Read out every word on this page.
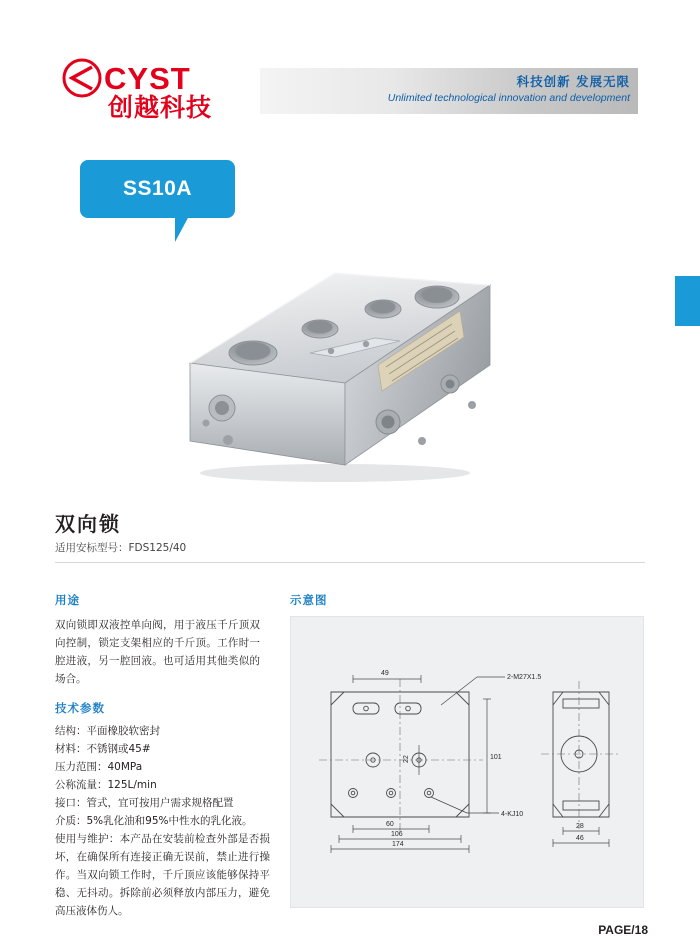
CYST
创越科技
科技创新 发展无限
Unlimited technological innovation and development
SS10A
双向锁
适用安标型号：FDS125/40
用途
双向锁即双液控单向阀，用于液压千斤顶双向控制，锁定支架相应的千斤顶。工作时一腔进液，另一腔回液。也可适用其他类似的场合。
技术参数
结构：平面橡胶软密封
材料：不锈钢或45#
压力范围：40MPa
公称流量：125L/min
接口：管式，宜可按用户需求规格配置
介质：5%乳化油和95%中性水的乳化液。
使用与维护：本产品在安装前检查外部是否损坏，在确保所有连接正确无误前，禁止进行操作。当双向锁工作时，千斤顶应该能够保持平稳、无抖动。拆除前必须释放内部压力，避免高压液体伤人。
示意图
49
101
60
106
174
22
2-M27X1.5
4-KJ10
28
46
PAGE/18
